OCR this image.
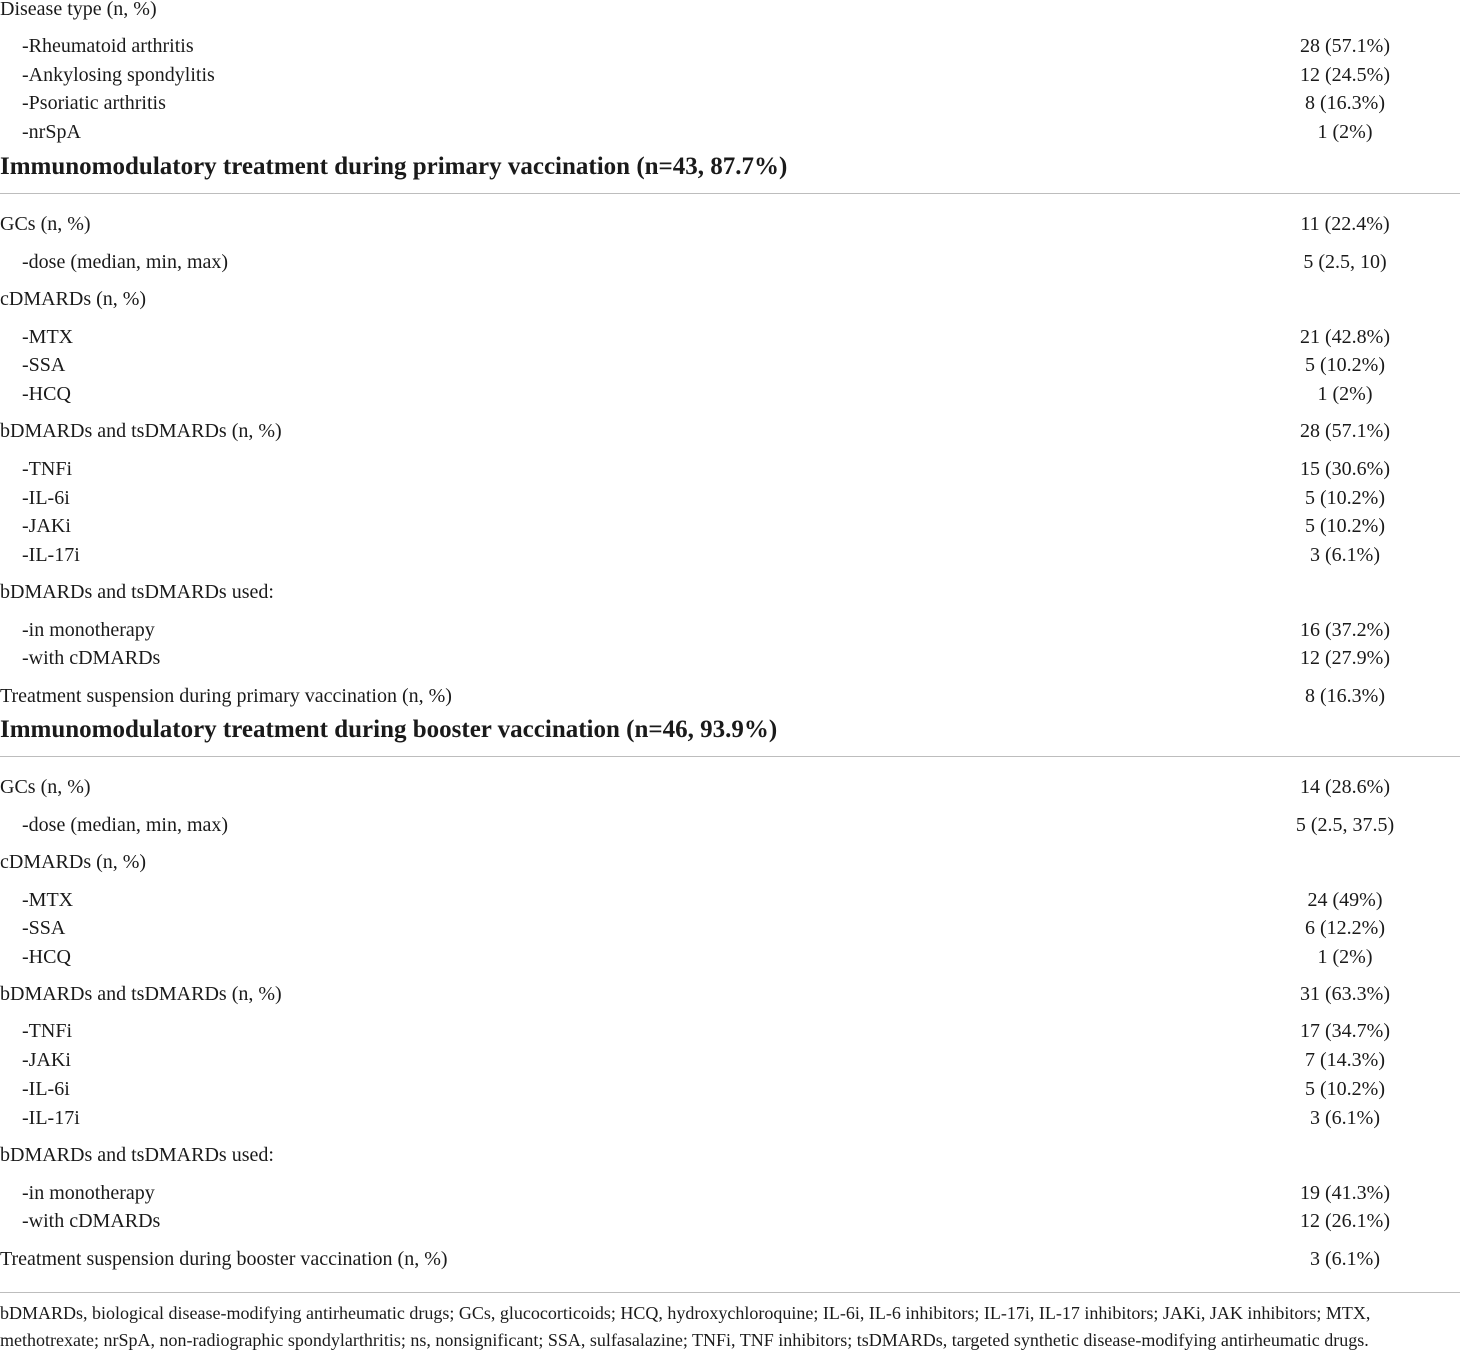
Disease type (n, %)
-Rheumatoid arthritis	28 (57.1%)
-Ankylosing spondylitis	12 (24.5%)
-Psoriatic arthritis	8 (16.3%)
-nrSpA	1 (2%)
Immunomodulatory treatment during primary vaccination (n=43, 87.7%)
GCs (n, %)	11 (22.4%)
-dose (median, min, max)	5 (2.5, 10)
cDMARDs (n, %)
-MTX	21 (42.8%)
-SSA	5 (10.2%)
-HCQ	1 (2%)
bDMARDs and tsDMARDs (n, %)	28 (57.1%)
-TNFi	15 (30.6%)
-IL-6i	5 (10.2%)
-JAKi	5 (10.2%)
-IL-17i	3 (6.1%)
bDMARDs and tsDMARDs used:
-in monotherapy	16 (37.2%)
-with cDMARDs	12 (27.9%)
Treatment suspension during primary vaccination (n, %)	8 (16.3%)
Immunomodulatory treatment during booster vaccination (n=46, 93.9%)
GCs (n, %)	14 (28.6%)
-dose (median, min, max)	5 (2.5, 37.5)
cDMARDs (n, %)
-MTX	24 (49%)
-SSA	6 (12.2%)
-HCQ	1 (2%)
bDMARDs and tsDMARDs (n, %)	31 (63.3%)
-TNFi	17 (34.7%)
-JAKi	7 (14.3%)
-IL-6i	5 (10.2%)
-IL-17i	3 (6.1%)
bDMARDs and tsDMARDs used:
-in monotherapy	19 (41.3%)
-with cDMARDs	12 (26.1%)
Treatment suspension during booster vaccination (n, %)	3 (6.1%)
bDMARDs, biological disease-modifying antirheumatic drugs; GCs, glucocorticoids; HCQ, hydroxychloroquine; IL-6i, IL-6 inhibitors; IL-17i, IL-17 inhibitors; JAKi, JAK inhibitors; MTX, methotrexate; nrSpA, non-radiographic spondylarthritis; ns, nonsignificant; SSA, sulfasalazine; TNFi, TNF inhibitors; tsDMARDs, targeted synthetic disease-modifying antirheumatic drugs.
